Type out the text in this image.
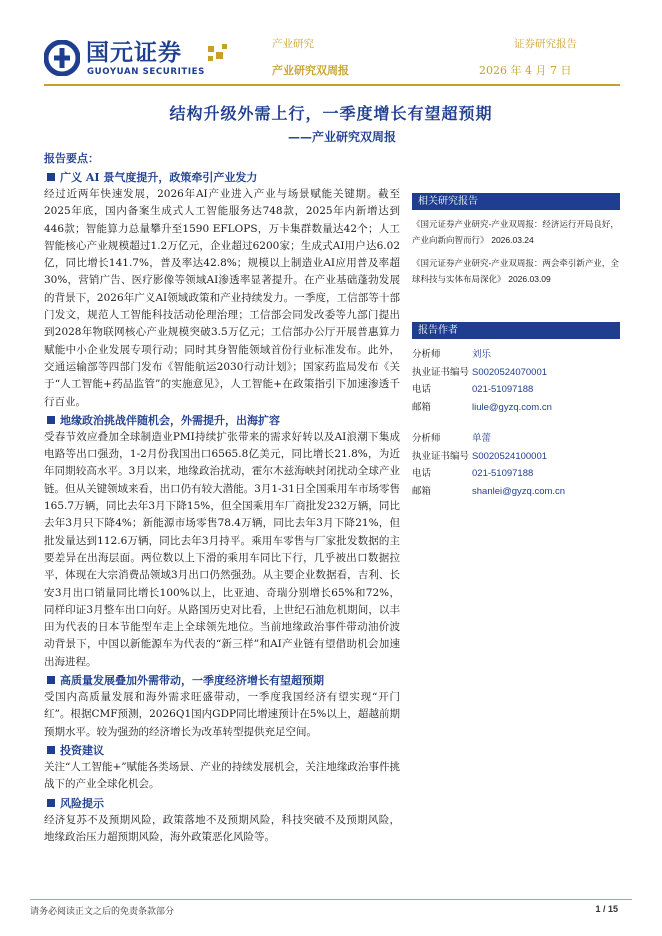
国元证券
GUOYUAN SECURITIES
产业研究	证券研究报告
产业研究双周报	2026 年 4 月 7 日
结构升级外需上行，一季度增长有望超预期
——产业研究双周报
报告要点：
广义 AI 景气度提升，政策牵引产业发力
经过近两年快速发展，2026年AI产业进入产业与场景赋能关键期。截至2025年底，国内备案生成式人工智能服务达748款，2025年内新增达到446款；智能算力总量攀升至1590 EFLOPS，万卡集群数量达42个；人工智能核心产业规模超过1.2万亿元，企业超过6200家；生成式AI用户达6.02亿，同比增长141.7%，普及率达42.8%；规模以上制造业AI应用普及率超30%，营销广告、医疗影像等领域AI渗透率显著提升。在产业基础蓬勃发展的背景下，2026年广义AI领域政策和产业持续发力。一季度，工信部等十部门发文，规范人工智能科技活动伦理治理；工信部会同发改委等九部门提出到2028年物联网核心产业规模突破3.5万亿元；工信部办公厅开展普惠算力赋能中小企业发展专项行动；同时其身智能领域首份行业标准发布。此外，交通运输部等四部门发布《智能航运2030行动计划》；国家药监局发布《关于“人工智能+药品监管”的实施意见》，人工智能+在政策指引下加速渗透千行百业。
地缘政治挑战伴随机会，外需提升，出海扩容
受春节效应叠加全球制造业PMI持续扩张带来的需求好转以及AI浪潮下集成电路等出口强劲，1-2月份我国出口6565.8亿美元，同比增长21.8%，为近年同期较高水平。3月以来，地缘政治扰动，霍尔木兹海峡封闭扰动全球产业链。但从关键领域来看，出口仍有较大潜能。3月1-31日全国乘用车市场零售165.7万辆，同比去年3月下降15%，但全国乘用车厂商批发232万辆，同比去年3月只下降4%；新能源市场零售78.4万辆，同比去年3月下降21%，但批发量达到112.6万辆，同比去年3月持平。乘用车零售与厂家批发数据的主要差异在出海层面。两位数以上下滑的乘用车同比下行，几乎被出口数据拉平，体现在大宗消费品领域3月出口仍然强劲。从主要企业数据看，吉利、长安3月出口销量同比增长100%以上，比亚迪、奇瑞分别增长65%和72%，同样印证3月整车出口向好。从路国历史对比看，上世纪石油危机期间，以丰田为代表的日本节能型车走上全球领先地位。当前地缘政治事件带动油价波动背景下，中国以新能源车为代表的“新三样”和AI产业链有望借助机会加速出海进程。
高质量发展叠加外需带动，一季度经济增长有望超预期
受国内高质量发展和海外需求旺盛带动，一季度我国经济有望实现“开门红”。根据CMF预测，2026Q1国内GDP同比增速预计在5%以上，超越前期预期水平。较为强劲的经济增长为改革转型提供充足空间。
投资建议
关注“人工智能+”赋能各类场景、产业的持续发展机会，关注地缘政治事件挑战下的产业全球化机会。
风险提示
经济复苏不及预期风险，政策落地不及预期风险，科技突破不及预期风险，地缘政治压力超预期风险，海外政策恶化风险等。
相关研究报告
《国元证券产业研究-产业双周报：经济运行开局良好，产业向新向智而行》 2026.03.24
《国元证券产业研究-产业双周报：两会牵引新产业，全球科技与实体布局深化》 2026.03.09
报告作者
分析师	刘乐
执业证书编号 S0020524070001
电话	021-51097188
邮箱	liule@gyzq.com.cn
分析师	单蕾
执业证书编号 S0020524100001
电话	021-51097188
邮箱	shanlei@gyzq.com.cn
请务必阅读正文之后的免责条款部分	1 / 15
